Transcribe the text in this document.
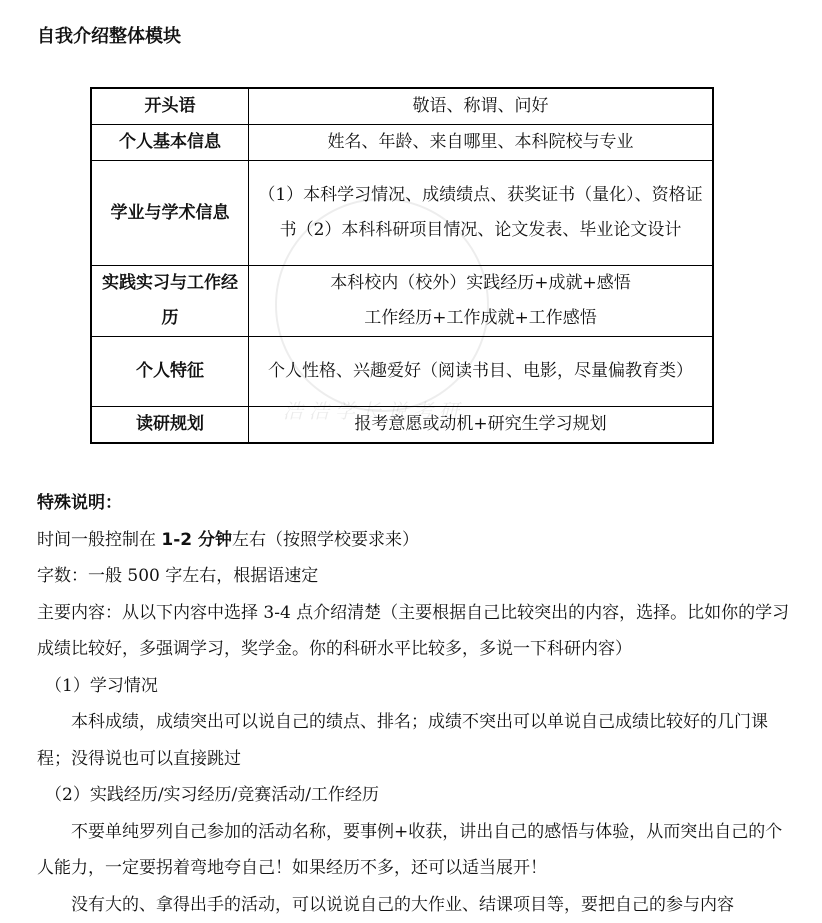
自我介绍整体模块
开头语	敬语、称谓、问好
个人基本信息	姓名、年龄、来自哪里、本科院校与专业
学业与学术信息	（1）本科学习情况、成绩绩点、获奖证书（量化）、资格证书（2）本科科研项目情况、论文发表、毕业论文设计
实践实习与工作经历	本科校内（校外）实践经历+成就+感悟
工作经历+工作成就+工作感悟

个人特征	个人性格、兴趣爱好（阅读书目、电影，尽量偏教育类）
读研规划	报考意愿或动机+研究生学习规划
浩浩学长说考研

特殊说明：

时间一般控制在 1-2 分钟左右（按照学校要求来）

字数：一般 500 字左右，根据语速定

主要内容：从以下内容中选择 3-4 点介绍清楚（主要根据自己比较突出的内容，选择。比如你的学习成绩比较好，多强调学习，奖学金。你的科研水平比较多，多说一下科研内容）

（1）学习情况

本科成绩，成绩突出可以说自己的绩点、排名；成绩不突出可以单说自己成绩比较好的几门课程；没得说也可以直接跳过

（2）实践经历/实习经历/竞赛活动/工作经历

不要单纯罗列自己参加的活动名称，要事例+收获，讲出自己的感悟与体验，从而突出自己的个人能力，一定要拐着弯地夸自己！如果经历不多，还可以适当展开！

没有大的、拿得出手的活动，可以说说自己的大作业、结课项目等，要把自己的参与内容
